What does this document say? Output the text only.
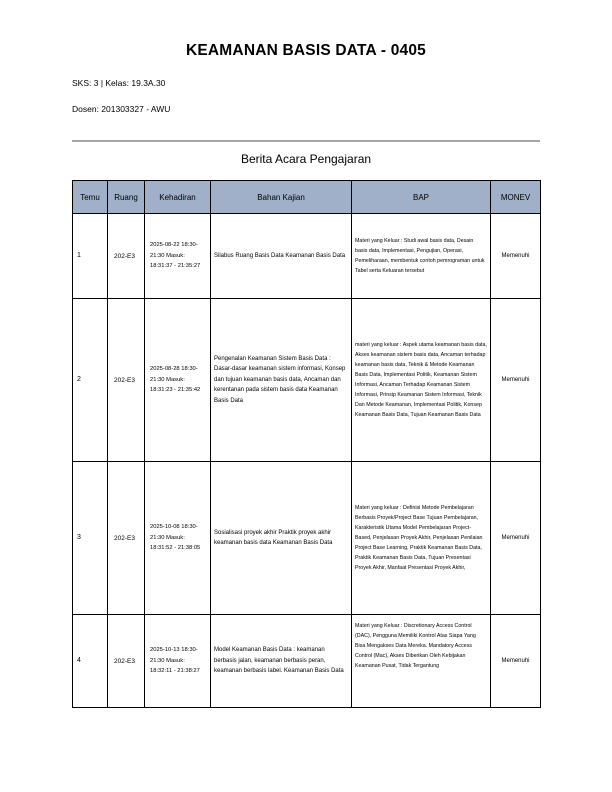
KEAMANAN BASIS DATA - 0405
SKS: 3 | Kelas: 19.3A.30
Dosen: 201303327 - AWU
Berita Acara Pengajaran
Temu	Ruang	Kehadiran	Bahan Kajian	BAP	MONEV
1	202-E3	2025-08-22 18:30-21:30 Masuk: 18:31:37 - 21:35:27	Silabus Ruang Basis Data Keamanan Basis Data	Materi yang Keluar : Studi awal basis data, Desain basis data, Implementasi, Pengujian, Operasi, Pemeliharaan, membentuk contoh pemrograman untuk Tabel serta Keluaran tersebut	Memenuhi
2	202-E3	2025-08-28 18:30-21:30 Masuk: 18:31:23 - 21:35:42	Pengenalan Keamanan Sistem Basis Data : Dasar-dasar keamanan sistem informasi, Konsep dan tujuan keamanan basis data, Ancaman dan kerentanan pada sistem basis data Keamanan Basis Data	materi yang keluar : Aspek utama keamanan basis data, Akses keamanan sistem basis data, Ancaman terhadap keamanan basis data, Teknik & Metode Keamanan Basis Data, Implementasi Politik, Keamanan Sistem Informasi, Ancaman Terhadap Keamanan Sistem Informasi, Prinsip Keamanan Sistem Informasi, Teknik Dan Metode Keamanan, Implementasi Politik, Konsep Keamanan Basis Data, Tujuan Keamanan Basis Data	Memenuhi
3	202-E3	2025-10-08 18:30-21:30 Masuk: 18:31:52 - 21:38:05	Sosialisasi proyek akhir Praktik proyek akhir keamanan basis data Keamanan Basis Data	Materi yang keluar : Definisi Metode Pembelajaran Berbasis Proyek/Project Base Tujuan Pembelajaran, Karakteristik Utama Model Pembelajaran Project-Based, Penjelasan Proyek Akhir, Penjelasan Penilaian Project Base Learning, Praktik Keamanan Basis Data, Praktik Keamanan Basis Data, Tujuan Presentasi Proyek Akhir, Manfaat Presentasi Proyek Akhir,	Memenuhi
4	202-E3	2025-10-13 18:30-21:30 Masuk: 18:32:11 - 21:38:27	Model Keamanan Basis Data : keamanan berbasis jalan, keamanan berbasis peran, keamanan berbasis label. Keamanan Basis Data	Materi yang Keluar : Discretionary Access Control (DAC), Pengguna Memiliki Kontrol Atas Siapa Yang Bisa Mengakses Data Mereka. Mandatory Access Control (Mac), Akses Diberikan Oleh Kebijakan Keamanan Pusat, Tidak Tergantung	Memenuhi
